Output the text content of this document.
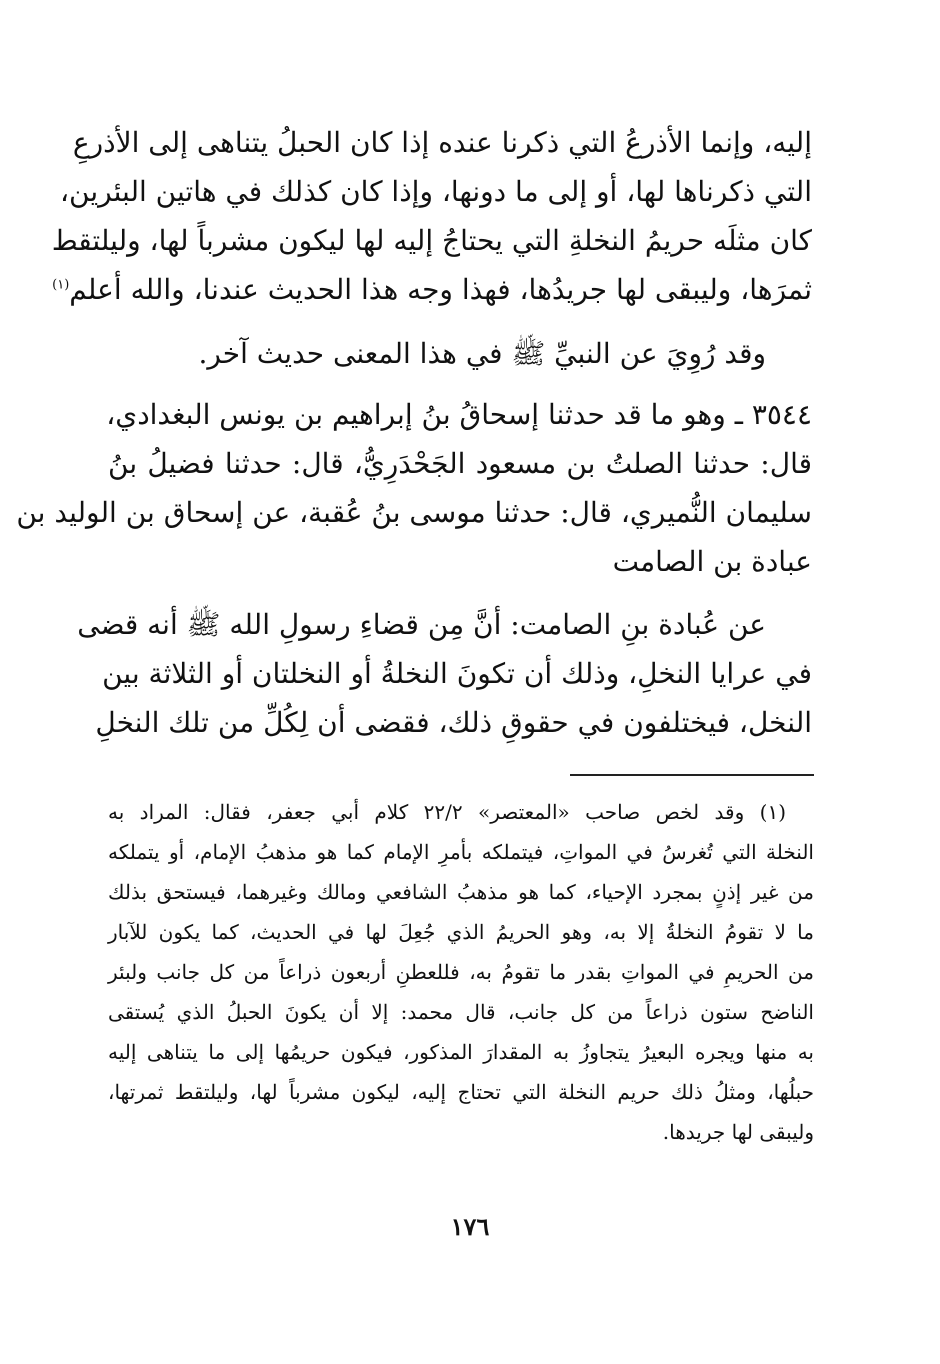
إليه، وإنما الأذرعُ التي ذكرنا عنده إذا كان الحبلُ يتناهى إلى الأذرعِ
التي ذكرناها لها، أو إلى ما دونها، وإذا كان كذلك في هاتين البئرين،
كان مثلَه حريمُ النخلةِ التي يحتاجُ إليه لها ليكون مشرباً لها، وليلتقط
ثمرَها، وليبقى لها جريدُها، فهذا وجه هذا الحديث عندنا، والله أعلم$^{(١)}$
وقد رُوِيَ عن النبيِّ ﷺ في هذا المعنى حديث آخر.
٣٥٤٤ ـ وهو ما قد حدثنا إسحاقُ بنُ إبراهيم بن يونس البغدادي،
قال: حدثنا الصلتُ بن مسعود الجَحْدَرِيُّ، قال: حدثنا فضيلُ بنُ
سليمان النُّميري، قال: حدثنا موسى بنُ عُقبة، عن إسحاق بن الوليد بن
عبادة بن الصامت
عن عُبادة بنِ الصامت: أنَّ مِن قضاءِ رسولِ الله ﷺ أنه قضى
في عرايا النخلِ، وذلك أن تكونَ النخلةُ أو النخلتان أو الثلاثة بين
النخل، فيختلفون في حقوقِ ذلك، فقضى أن لِكُلِّ من تلك النخلِ
(١) وقد لخص صاحب «المعتصر» ٢٢/٢ كلام أبي جعفر، فقال: المراد به
النخلة التي تُغرسُ في المواتِ، فيتملكه بأمرِ الإمام كما هو مذهبُ الإمام، أو يتملكه
من غير إذنٍ بمجرد الإحياء، كما هو مذهبُ الشافعي ومالك وغيرهما، فيستحق بذلك
ما لا تقومُ النخلةُ إلا به، وهو الحريمُ الذي جُعِلَ لها في الحديث، كما يكون للآبار
من الحريمِ في المواتِ بقدر ما تقومُ به، فللعطنِ أربعون ذراعاً من كل جانب ولبئر
الناضح ستون ذراعاً من كل جانب، قال محمد: إلا أن يكونَ الحبلُ الذي يُستقى
به منها ويجره البعيرُ يتجاوزُ به المقدارَ المذكور، فيكون حريمُها إلى ما يتناهى إليه
حبلُها، ومثلُ ذلك حريم النخلة التي تحتاج إليه، ليكون مشرباً لها، وليلتقط ثمرتها،
وليبقى لها جريدها.
١٧٦
